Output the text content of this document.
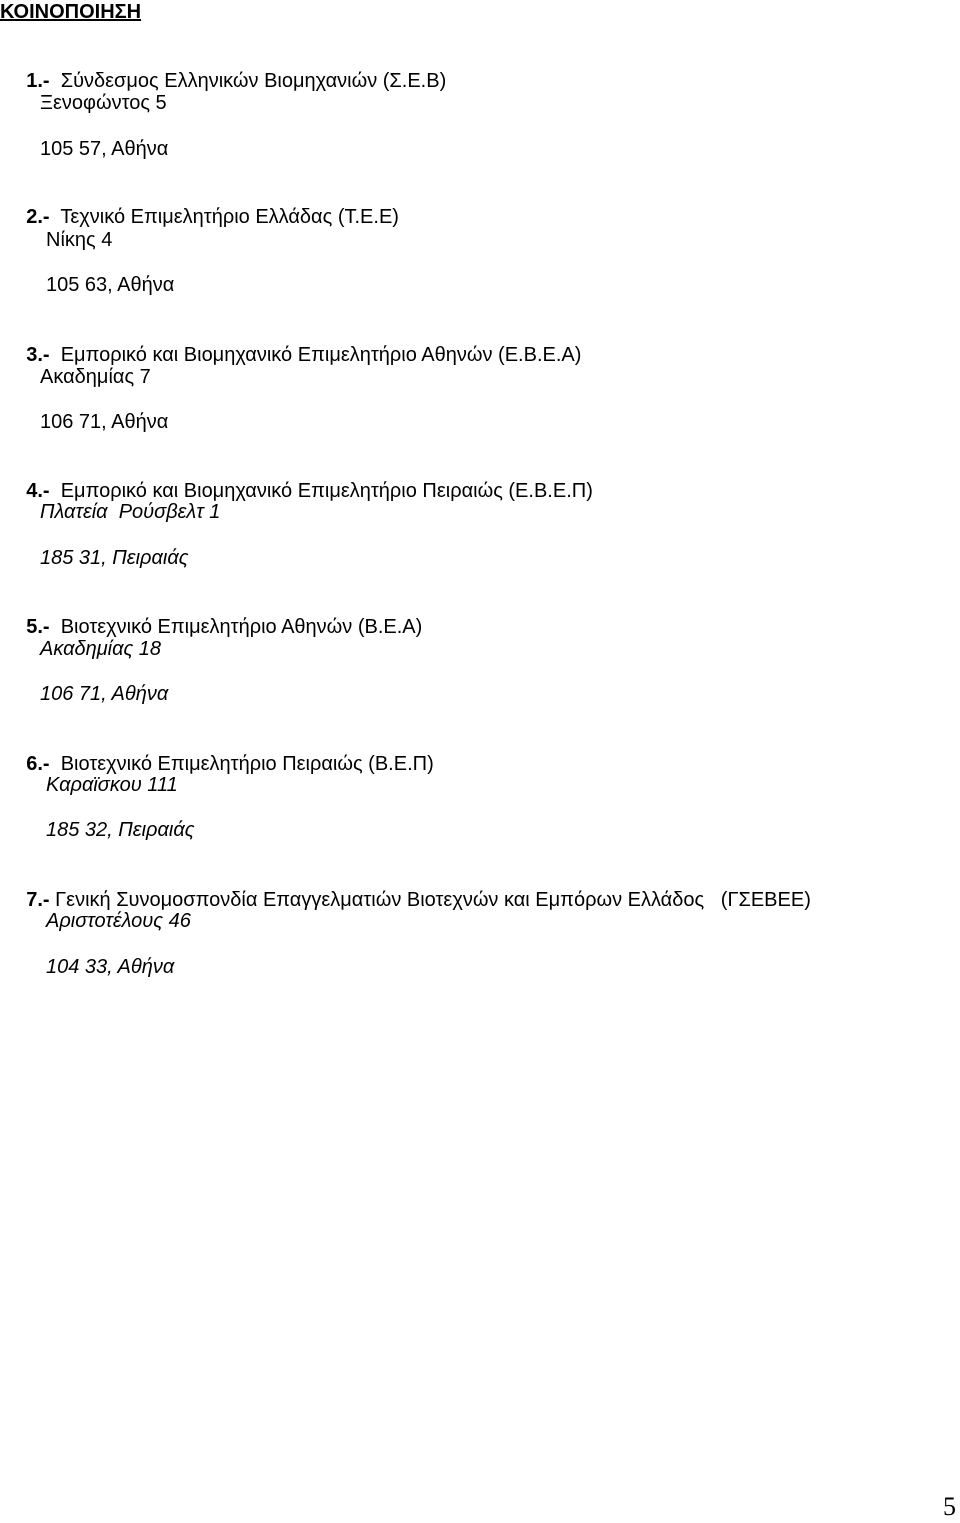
ΚΟΙΝΟΠΟΙΗΣΗ

1.- Σύνδεσμος Ελληνικών Βιομηχανιών (Σ.Ε.Β)

Ξενοφώντος 5
105 57, Αθήνα

2.- Τεχνικό Επιμελητήριο Ελλάδας (Τ.Ε.Ε)

Νίκης 4
105 63, Αθήνα

3.- Εμπορικό και Βιομηχανικό Επιμελητήριο Αθηνών (Ε.Β.Ε.Α)

Ακαδημίας 7
106 71, Αθήνα

4.- Εμπορικό και Βιομηχανικό Επιμελητήριο Πειραιώς (Ε.Β.Ε.Π)

Πλατεία  Ρούσβελτ 1
185 31, Πειραιάς

5.- Βιοτεχνικό Επιμελητήριο Αθηνών (Β.Ε.Α)

Ακαδημίας 18
106 71, Αθήνα

6.- Βιοτεχνικό Επιμελητήριο Πειραιώς (Β.Ε.Π)

Καραϊσκου 111
185 32, Πειραιάς

7.- Γενική Συνομοσπονδία Επαγγελματιών Βιοτεχνών και Εμπόρων Ελλάδος   (ΓΣΕΒΕΕ)

Αριστοτέλους 46
104 33, Αθήνα
5
